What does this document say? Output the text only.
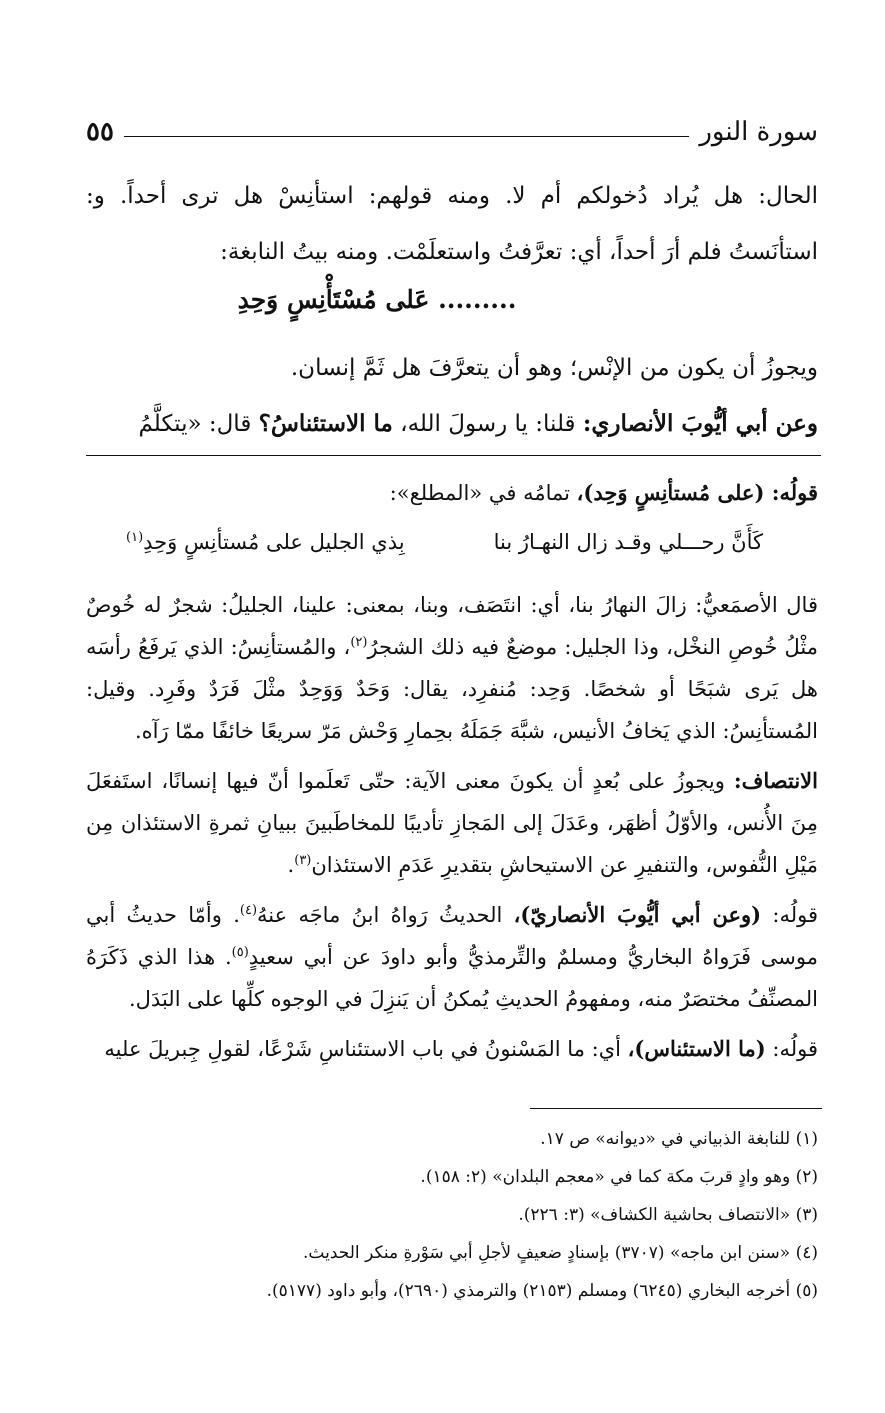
سورة النور
٥٥

الحال: هل يُراد دُخولكم أم لا. ومنه قولهم: استأنِسْ هل ترى أحداً. و: استأنَستُ فلم أرَ أحداً، أي: تعرَّفتُ واستعلَمْت. ومنه بيتُ النابغة:

......... عَلى مُسْتَأْنِسٍ وَحِدِ

ويجوزُ أن يكون من الإنْس؛ وهو أن يتعرَّفَ هل ثَمَّ إنسان.

وعن أبي أيُّوبَ الأنصاري: قلنا: يا رسولَ الله، ما الاستئناسُ؟ قال: «يتكلَّمُ

قولُه: (على مُستأنِسٍ وَحِد)، تمامُه في «المطلع»:

كَأَنَّ رحـــلي وقـد زال النهـارُ بنا
بِذي الجليل على مُستأنِسٍ وَحِدِ$^{(١)}$

قال الأصمَعيُّ: زالَ النهارُ بنا، أي: انتَصَف، وبنا، بمعنى: علينا، الجليلُ: شجرٌ له خُوصٌ مثْلُ خُوصِ النخْل، وذا الجليل: موضعٌ فيه ذلك الشجرُ$^{(٢)}$، والمُستأنِسُ: الذي يَرفَعُ رأسَه هل يَرى شبَحًا أو شخصًا. وَحِد: مُنفرِد، يقال: وَحَدٌ وَوَحِدٌ مثْلَ فَرَدٌ وفَرِد. وقيل: المُستأنِسُ: الذي يَخافُ الأنيس، شبَّهَ جَمَلَهُ بحِمارِ وَحْش مَرّ سريعًا خائفًا ممّا رَآه.

الانتصاف: ويجوزُ على بُعدٍ أن يكونَ معنى الآية: حتّى تَعلَموا أنّ فيها إنسانًا، استَفعَلَ مِنَ الأُنس، والأوّلُ أظهَر، وعَدَلَ إلى المَجازِ تأديبًا للمخاطَبينَ ببيانِ ثمرةِ الاستئذان مِن مَيْلِ النُّفوس، والتنفيرِ عن الاستيحاشِ بتقديرِ عَدَمِ الاستئذان$^{(٣)}$.

قولُه: (وعن أبي أيُّوبَ الأنصاريّ)، الحديثُ رَواهُ ابنُ ماجَه عنهُ$^{(٤)}$. وأمّا حديثُ أبي موسى فَرَواهُ البخاريُّ ومسلمٌ والتِّرمذيُّ وأبو داودَ عن أبي سعيدٍ$^{(٥)}$. هذا الذي ذَكَرَهُ المصنِّفُ مختصَرٌ منه، ومفهومُ الحديثِ يُمكنُ أن يَنزِلَ في الوجوه كلِّها على البَدَل.

قولُه: (ما الاستئناس)، أي: ما المَسْنونُ في باب الاستئناسِ شَرْعًا، لقولِ جِبريلَ عليه

(١) للنابغة الذبياني في «ديوانه» ص ١٧.

(٢) وهو وادٍ قربَ مكة كما في «معجم البلدان» (٢: ١٥٨).

(٣) «الانتصاف بحاشية الكشاف» (٣: ٢٢٦).

(٤) «سنن ابن ماجه» (٣٧٠٧) بإسنادٍ ضعيفٍ لأجلِ أبي سَوْرةِ منكر الحديث.

(٥) أخرجه البخاري (٦٢٤٥) ومسلم (٢١٥٣) والترمذي (٢٦٩٠)، وأبو داود (٥١٧٧).
